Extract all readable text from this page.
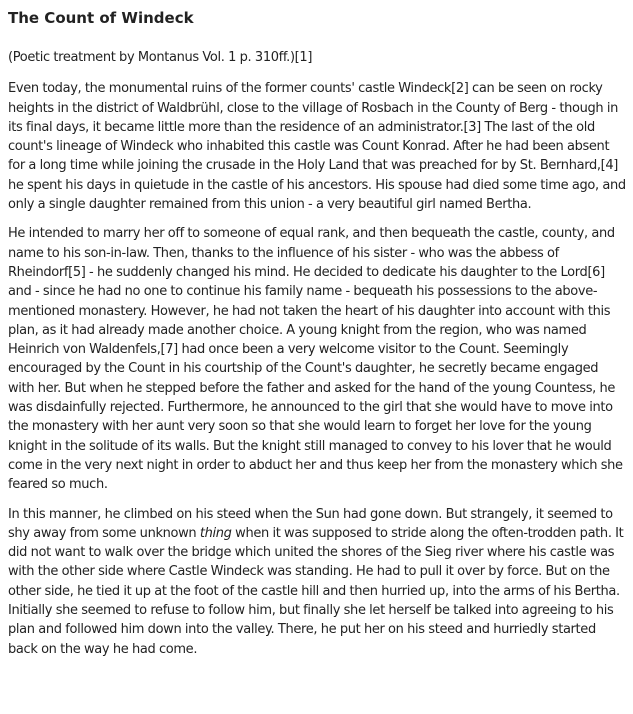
The Count of Windeck

(Poetic treatment by Montanus Vol. 1 p. 310ff.)[1]

Even today, the monumental ruins of the former counts' castle Windeck[2] can be seen on rocky heights in the district of Waldbrühl, close to the village of Rosbach in the County of Berg - though in its final days, it became little more than the residence of an administrator.[3] The last of the old count's lineage of Windeck who inhabited this castle was Count Konrad. After he had been absent for a long time while joining the crusade in the Holy Land that was preached for by St. Bernhard,[4] he spent his days in quietude in the castle of his ancestors. His spouse had died some time ago, and only a single daughter remained from this union - a very beautiful girl named Bertha.

He intended to marry her off to someone of equal rank, and then bequeath the castle, county, and name to his son-in-law. Then, thanks to the influence of his sister - who was the abbess of Rheindorf[5] - he suddenly changed his mind. He decided to dedicate his daughter to the Lord[6] and - since he had no one to continue his family name - bequeath his possessions to the above-mentioned monastery. However, he had not taken the heart of his daughter into account with this plan, as it had already made another choice. A young knight from the region, who was named Heinrich von Waldenfels,[7] had once been a very welcome visitor to the Count. Seemingly encouraged by the Count in his courtship of the Count's daughter, he secretly became engaged with her. But when he stepped before the father and asked for the hand of the young Countess, he was disdainfully rejected. Furthermore, he announced to the girl that she would have to move into the monastery with her aunt very soon so that she would learn to forget her love for the young knight in the solitude of its walls. But the knight still managed to convey to his lover that he would come in the very next night in order to abduct her and thus keep her from the monastery which she feared so much.

In this manner, he climbed on his steed when the Sun had gone down. But strangely, it seemed to shy away from some unknown thing when it was supposed to stride along the often-trodden path. It did not want to walk over the bridge which united the shores of the Sieg river where his castle was with the other side where Castle Windeck was standing. He had to pull it over by force. But on the other side, he tied it up at the foot of the castle hill and then hurried up, into the arms of his Bertha. Initially she seemed to refuse to follow him, but finally she let herself be talked into agreeing to his plan and followed him down into the valley. There, he put her on his steed and hurriedly started back on the way he had come.
